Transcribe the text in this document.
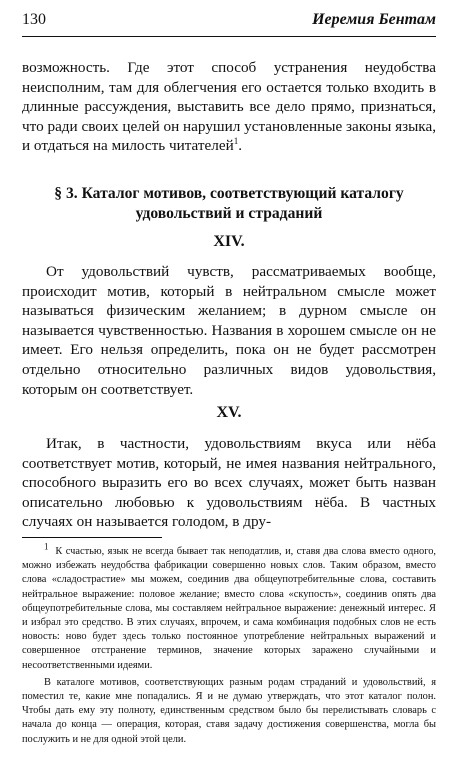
130	Иеремия Бентам

возможность. Где этот способ устранения неудобства неисполним, там для облегчения его остается только входить в длинные рассуждения, выставить все дело прямо, признаться, что ради своих целей он нарушил установленные законы языка, и отдаться на милость читателей$^1$.

§ 3. Каталог мотивов, соответствующий каталогу удовольствий и страданий
XIV.

От удовольствий чувств, рассматриваемых вообще, происходит мотив, который в нейтральном смысле может называться физическим желанием; в дурном смысле он называется чувственностью. Названия в хорошем смысле он не имеет. Его нельзя определить, пока он не будет рассмотрен отдельно относительно различных видов удовольствия, которым он соответствует.

XV.

Итак, в частности, удовольствиям вкуса или нёба соответствует мотив, который, не имея названия нейтрального, способного выразить его во всех случаях, может быть назван описательно любовью к удовольствиям нёба. В частных случаях он называется голодом, в дру-

$^1$ К счастью, язык не всегда бывает так неподатлив, и, ставя два слова вместо одного, можно избежать неудобства фабрикации совершенно новых слов. Таким образом, вместо слова «сладострастие» мы можем, соединив два общеупотребительные слова, составить нейтральное выражение: половое желание; вместо слова «скупость», соединив опять два общеупотребительные слова, мы составляем нейтральное выражение: денежный интерес. Я и избрал это средство. В этих случаях, впрочем, и сама комбинация подобных слов не есть новость: ново будет здесь только постоянное употребление нейтральных выражений и совершенное отстранение терминов, значение которых заражено случайными и несоответственными идеями.

В каталоге мотивов, соответствующих разным родам страданий и удовольствий, я поместил те, какие мне попадались. Я и не думаю утверждать, что этот каталог полон. Чтобы дать ему эту полноту, единственным средством было бы перелистывать словарь с начала до конца — операция, которая, ставя задачу достижения совершенства, могла бы послужить и не для одной этой цели.
